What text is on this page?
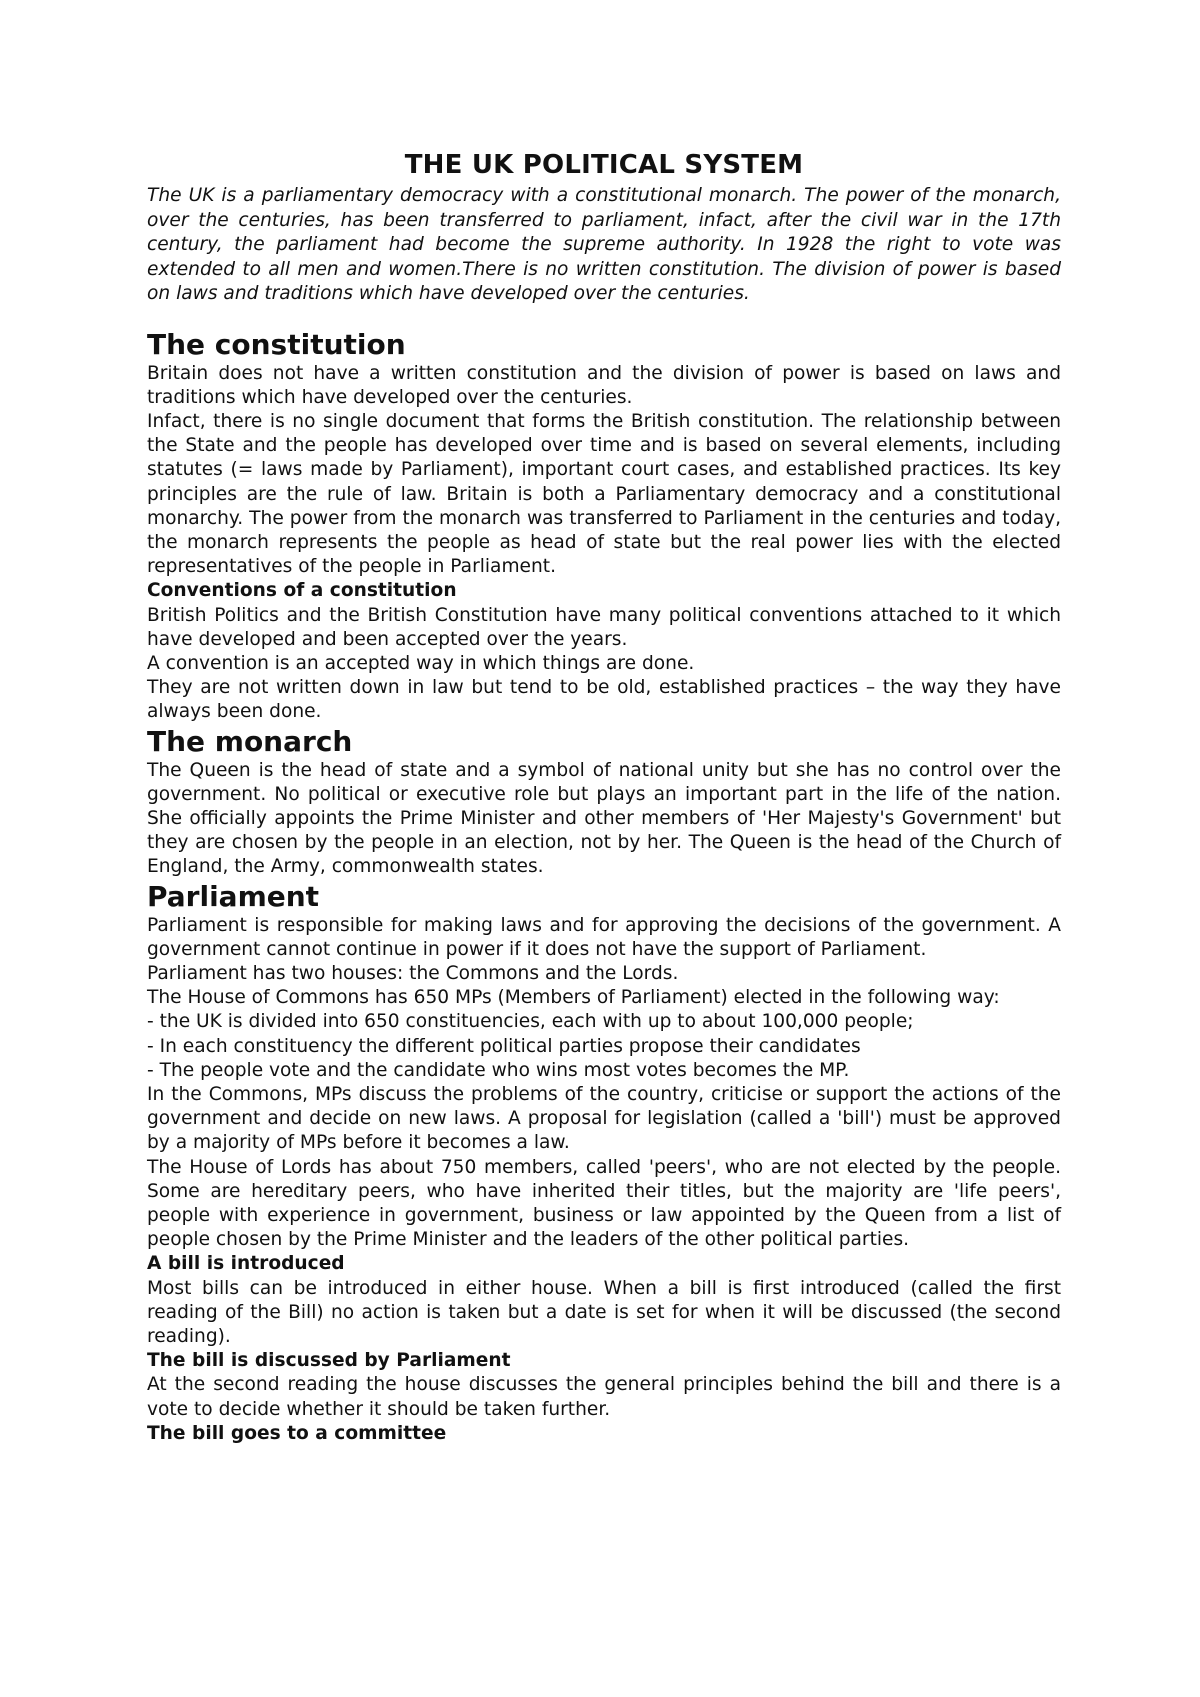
THE UK POLITICAL SYSTEM

The UK is a parliamentary democracy with a constitutional monarch. The power of the monarch, over the centuries, has been transferred to parliament, infact, after the civil war in the 17th century, the parliament had become the supreme authority. In 1928 the right to vote was extended to all men and women.There is no written constitution. The division of power is based on laws and traditions which have developed over the centuries.

The constitution

Britain does not have a written constitution and the division of power is based on laws and traditions which have developed over the centuries.

Infact, there is no single document that forms the British constitution. The relationship between the State and the people has developed over time and is based on several elements, including statutes (= laws made by Parliament), important court cases, and established practices. Its key principles are the rule of law. Britain is both a Parliamentary democracy and a constitutional monarchy. The power from the monarch was transferred to Parliament in the centuries and today, the monarch represents the people as head of state but the real power lies with the elected representatives of the people in Parliament.

Conventions of a constitution

British Politics and the British Constitution have many political conventions attached to it which have developed and been accepted over the years.

A convention is an accepted way in which things are done.

They are not written down in law but tend to be old, established practices – the way they have always been done.

The monarch

The Queen is the head of state and a symbol of national unity but she has no control over the government. No political or executive role but plays an important part in the life of the nation. She officially appoints the Prime Minister and other members of 'Her Majesty's Government' but they are chosen by the people in an election, not by her. The Queen is the head of the Church of England, the Army, commonwealth states.

Parliament

Parliament is responsible for making laws and for approving the decisions of the government. A government cannot continue in power if it does not have the support of Parliament.

Parliament has two houses: the Commons and the Lords.

The House of Commons has 650 MPs (Members of Parliament) elected in the following way:

- the UK is divided into 650 constituencies, each with up to about 100,000 people;

- In each constituency the different political parties propose their candidates

- The people vote and the candidate who wins most votes becomes the MP.

In the Commons, MPs discuss the problems of the country, criticise or support the actions of the government and decide on new laws. A proposal for legislation (called a 'bill') must be approved by a majority of MPs before it becomes a law.

The House of Lords has about 750 members, called 'peers', who are not elected by the people. Some are hereditary peers, who have inherited their titles, but the majority are 'life peers', people with experience in government, business or law appointed by the Queen from a list of people chosen by the Prime Minister and the leaders of the other political parties.

A bill is introduced

Most bills can be introduced in either house. When a bill is first introduced (called the first reading of the Bill) no action is taken but a date is set for when it will be discussed (the second reading).

The bill is discussed by Parliament

At the second reading the house discusses the general principles behind the bill and there is a vote to decide whether it should be taken further.

The bill goes to a committee
